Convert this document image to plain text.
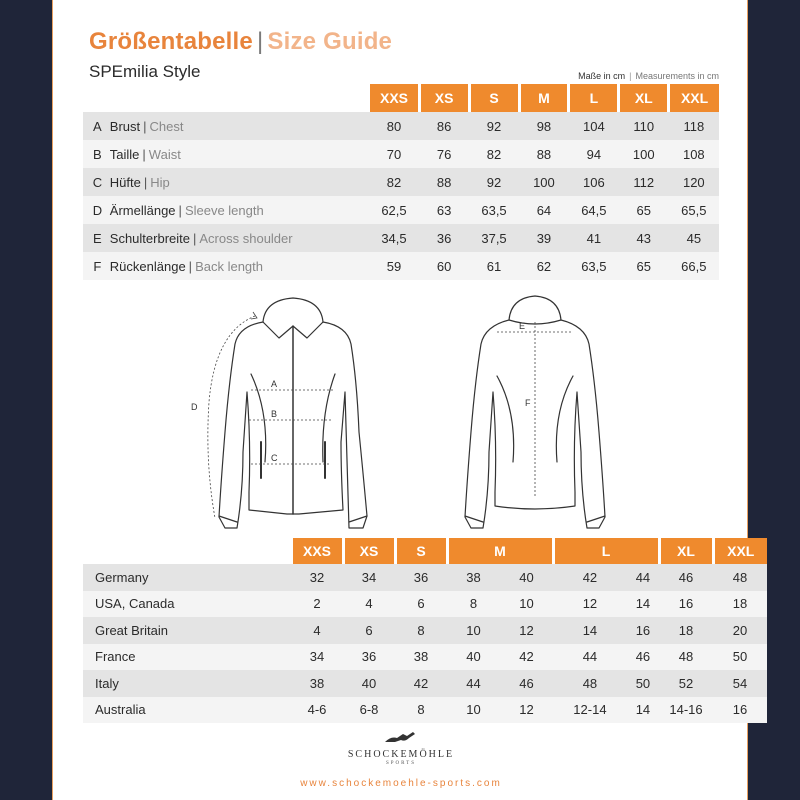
Größentabelle | Size Guide
SPEmilia Style	Maße in cm | Measurements in cm
		XXS	XS	S	M	L	XL	XXL
A	Brust | Chest	80	86	92	98	104	110	118
B	Taille | Waist	70	76	82	88	94	100	108
C	Hüfte | Hip	82	88	92	100	106	112	120
D	Ärmellänge | Sleeve length	62,5	63	63,5	64	64,5	65	65,5
E	Schulterbreite | Across shoulder	34,5	36	37,5	39	41	43	45
F	Rückenlänge | Back length	59	60	61	62	63,5	65	66,5
A
B
C
D
E
F
	XXS	XS	S	M		L		XL	XXL
Germany	32	34	36	38	40	42	44	46	48
USA, Canada	2	4	6	8	10	12	14	16	18
Great Britain	4	6	8	10	12	14	16	18	20
France	34	36	38	40	42	44	46	48	50
Italy	38	40	42	44	46	48	50	52	54
Australia	4-6	6-8	8	10	12	12-14	14	14-16	16
SCHOCKEMÖHLE
SPORTS
www.schockemoehle-sports.com
